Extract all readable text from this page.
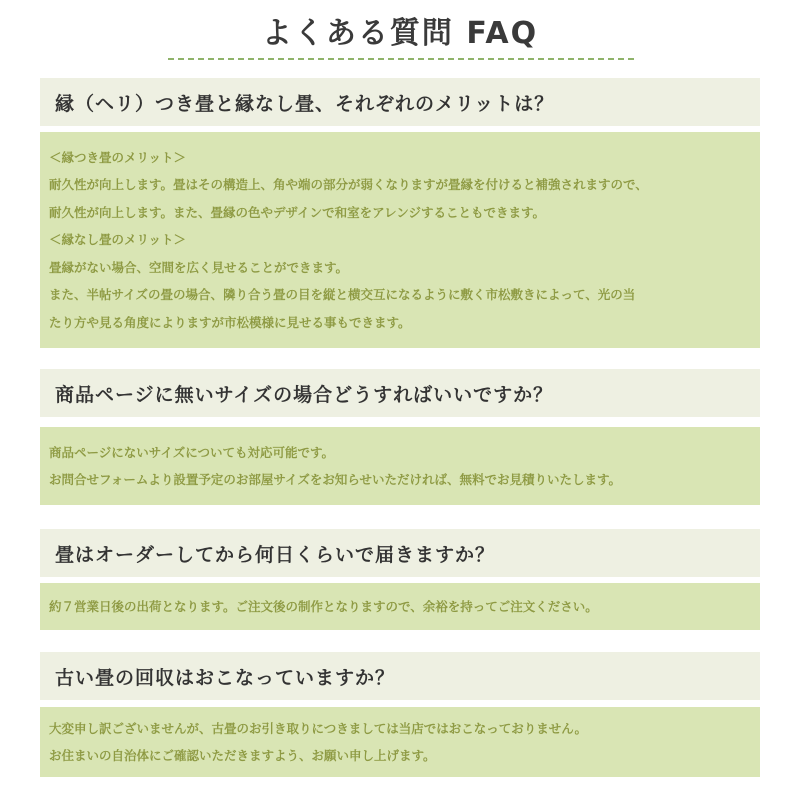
よくある質問 FAQ
縁（ヘリ）つき畳と縁なし畳、それぞれのメリットは？
＜縁つき畳のメリット＞
耐久性が向上します。畳はその構造上、角や端の部分が弱くなりますが畳縁を付けると補強されますので、
耐久性が向上します。また、畳縁の色やデザインで和室をアレンジすることもできます。
＜縁なし畳のメリット＞
畳縁がない場合、空間を広く見せることができます。
また、半帖サイズの畳の場合、隣り合う畳の目を縦と横交互になるように敷く市松敷きによって、光の当
たり方や見る角度によりますが市松模様に見せる事もできます。
商品ページに無いサイズの場合どうすればいいですか？
商品ページにないサイズについても対応可能です。
お問合せフォームより設置予定のお部屋サイズをお知らせいただければ、無料でお見積りいたします。
畳はオーダーしてから何日くらいで届きますか？
約７営業日後の出荷となります。ご注文後の制作となりますので、余裕を持ってご注文ください。
古い畳の回収はおこなっていますか？
大変申し訳ございませんが、古畳のお引き取りにつきましては当店ではおこなっておりません。
お住まいの自治体にご確認いただきますよう、お願い申し上げます。
